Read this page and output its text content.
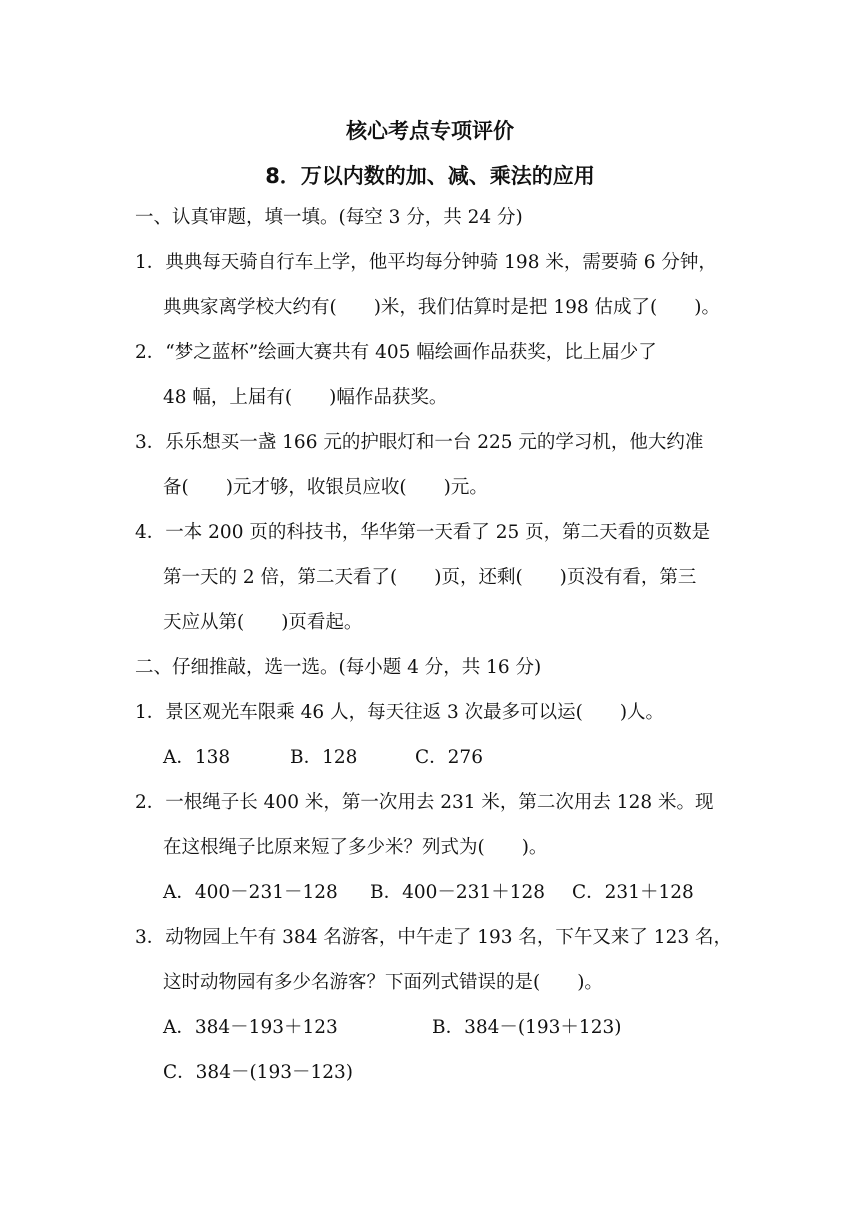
核心考点专项评价
8．万以内数的加、减、乘法的应用
一、认真审题，填一填。(每空 3 分，共 24 分)
1．典典每天骑自行车上学，他平均每分钟骑 198 米，需要骑 6 分钟，
典典家离学校大约有(　　)米，我们估算时是把 198 估成了(　　)。
2．“梦之蓝杯”绘画大赛共有 405 幅绘画作品获奖，比上届少了
48 幅，上届有(　　)幅作品获奖。
3．乐乐想买一盏 166 元的护眼灯和一台 225 元的学习机，他大约准
备(　　)元才够，收银员应收(　　)元。
4．一本 200 页的科技书，华华第一天看了 25 页，第二天看的页数是
第一天的 2 倍，第二天看了(　　)页，还剩(　　)页没有看，第三
天应从第(　　)页看起。
二、仔细推敲，选一选。(每小题 4 分，共 16 分)
1．景区观光车限乘 46 人，每天往返 3 次最多可以运(　　)人。
A．138	B．128	C．276
2．一根绳子长 400 米，第一次用去 231 米，第二次用去 128 米。现
在这根绳子比原来短了多少米？列式为(　　)。
A．400－231－128 B．400－231＋128 C．231＋128
3．动物园上午有 384 名游客，中午走了 193 名，下午又来了 123 名，
这时动物园有多少名游客？下面列式错误的是(　　)。
A．384－193＋123	B．384－(193＋123)
C．384－(193－123)
